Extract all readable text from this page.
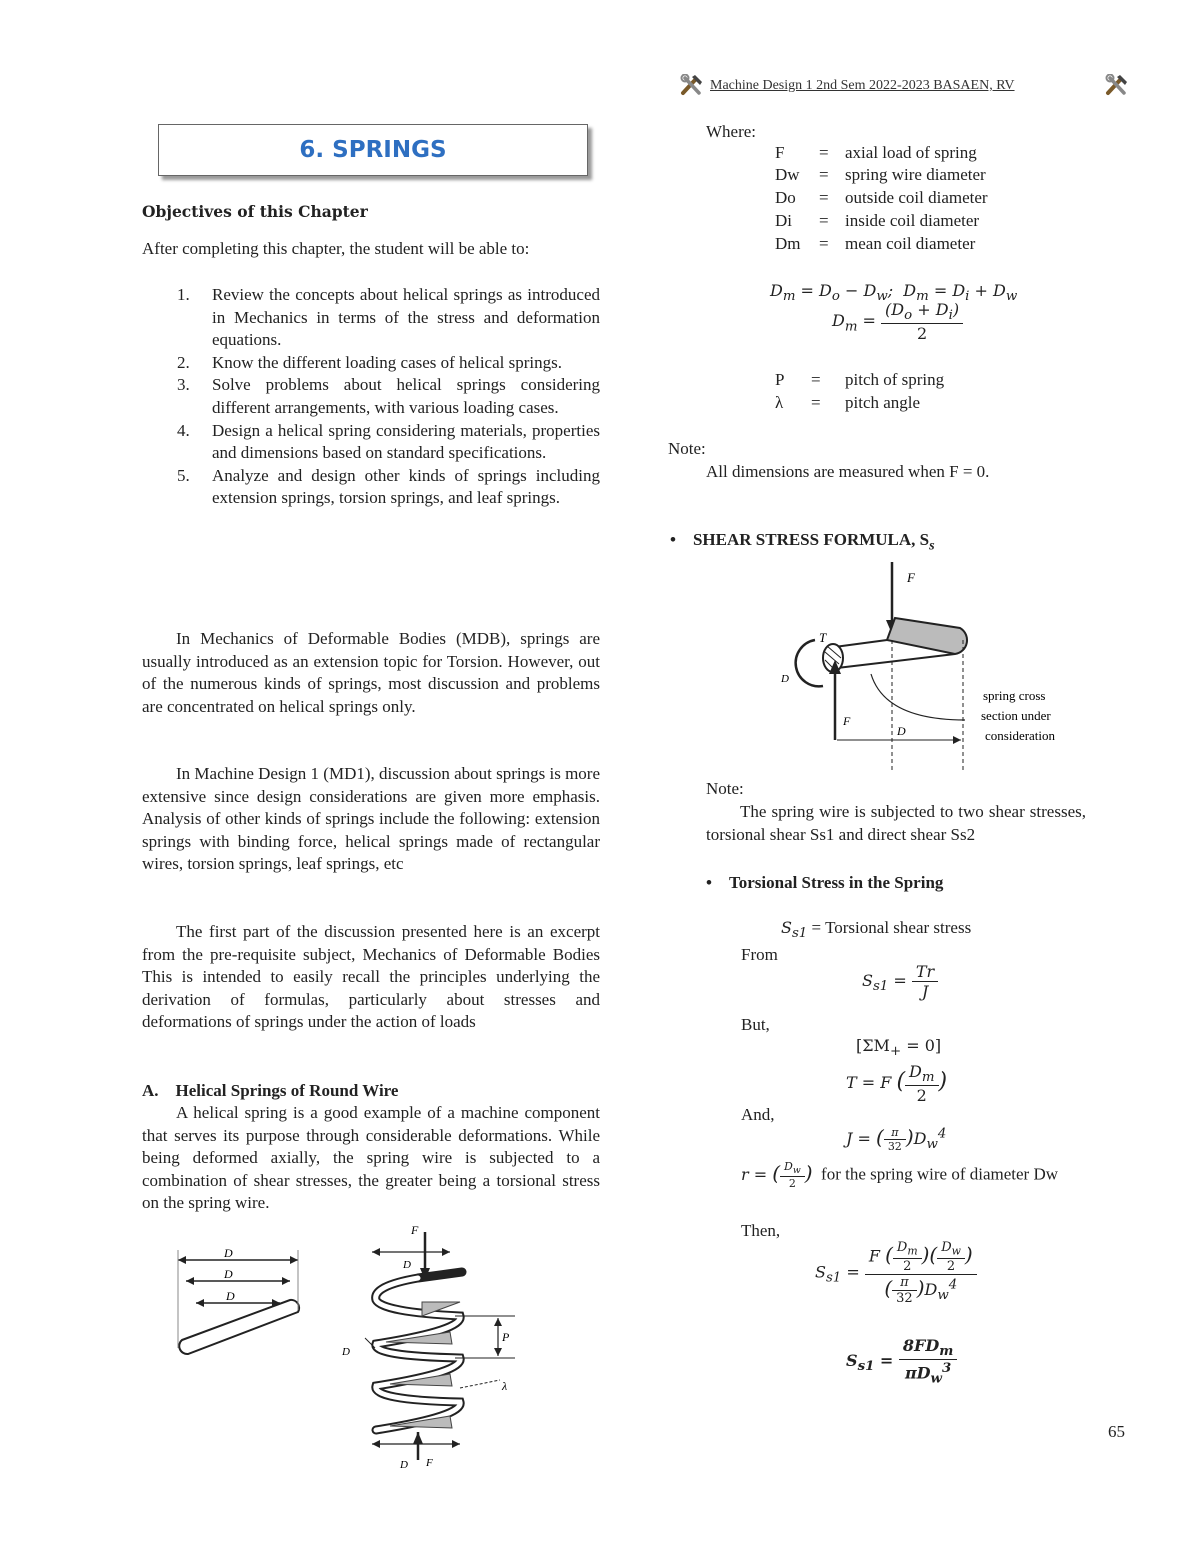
Machine Design 1 2nd Sem 2022-2023 BASAEN, RV
6. SPRINGS
Objectives of this Chapter
After completing this chapter, the student will be able to:
1. Review the concepts about helical springs as introduced in Mechanics in terms of the stress and deformation equations.
2. Know the different loading cases of helical springs.
3. Solve problems about helical springs considering different arrangements, with various loading cases.
4. Design a helical spring considering materials, properties and dimensions based on standard specifications.
5. Analyze and design other kinds of springs including extension springs, torsion springs, and leaf springs.
In Mechanics of Deformable Bodies (MDB), springs are usually introduced as an extension topic for Torsion. However, out of the numerous kinds of springs, most discussion and problems are concentrated on helical springs only.
In Machine Design 1 (MD1), discussion about springs is more extensive since design considerations are given more emphasis. Analysis of other kinds of springs include the following: extension springs with binding force, helical springs made of rectangular wires, torsion springs, leaf springs, etc
The first part of the discussion presented here is an excerpt from the pre-requisite subject, Mechanics of Deformable Bodies This is intended to easily recall the principles underlying the derivation of formulas, particularly about stresses and deformations of springs under the action of loads
A.    Helical Springs of Round Wire
A helical spring is a good example of a machine component that serves its purpose through considerable deformations. While being deformed axially, the spring wire is subjected to a combination of shear stresses, the greater being a torsional stress on the spring wire.
D
D
D
F
D
D F
P
λ
D
Where:
F = axial load of spring
Dw = spring wire diameter
Do = outside coil diameter
Di = inside coil diameter
Dm = mean coil diameter
$D_m = D_o - D_w$;  $D_m = D_i + D_w$
$D_m = \frac{(D_o + D_i)}{2}$
P = pitch of spring
λ = pitch angle
Note:
All dimensions are measured when F = 0.
•    SHEAR STRESS FORMULA, $S_s$
F
T
D
F
D
spring cross section under consideration
Note:
The spring wire is subjected to two shear stresses, torsional shear Ss1 and direct shear Ss2
•    Torsional Stress in the Spring
$S_{s1}$ = Torsional shear stress
From
$S_{s1} = \frac{Tr}{J}$
But,
$[\Sigma M_+ = 0]$
T = F ( $\frac{D_m}{2}$ )
And,
J = ( $\frac{\pi}{32} )D_w^4$
r = ( $\frac{D_w}{2}$ ) for the spring wire of diameter Dw
Then,
$S_{s1} = \frac{F ( \frac{D_m}{2} )( \frac{D_w}{2} )}{( \frac{\pi}{32} )D_w^4}$
$S_{s1} = \frac{8FD_m}{\pi D_w^3}$
65
